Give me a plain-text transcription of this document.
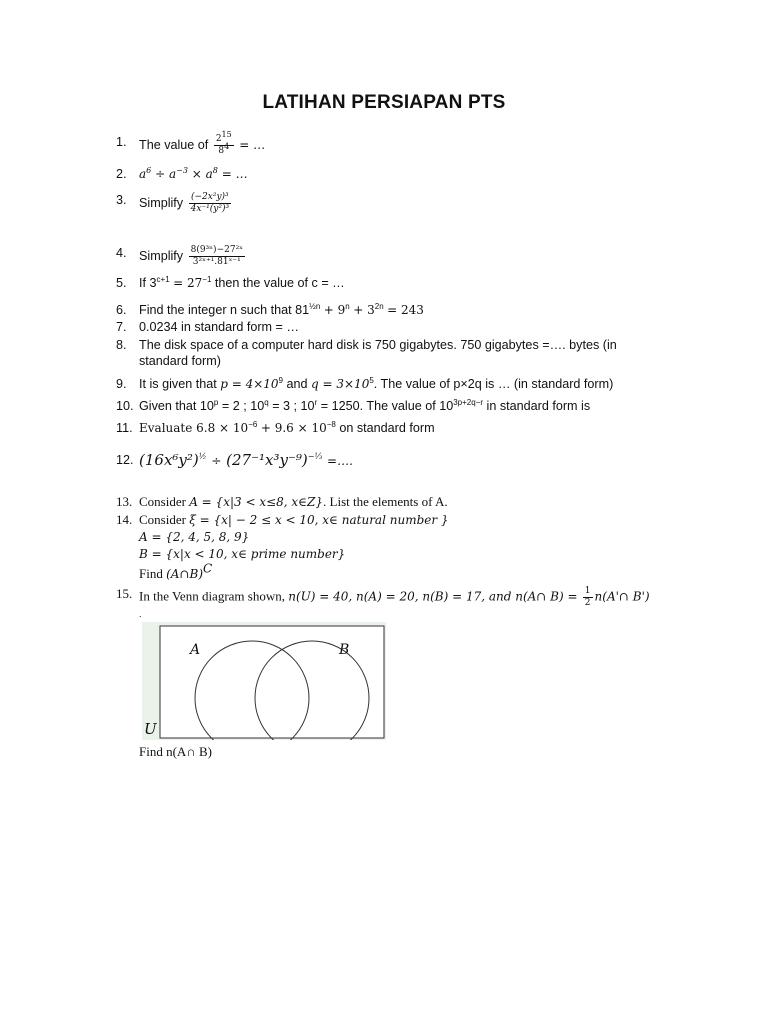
LATIHAN PERSIAPAN PTS
1. The value of $\frac{2^{15}}{8^4}$ = …
2. $a^6 \div a^{-3} \times a^8$ = …
3. Simplify $\frac{\text{(−2x²y)³}}{\text{4x⁻¹(y²)³}}$
4. Simplify $\frac{\text{8(9³ⁿ)−27²ˣ}}{\text{3²ˣ⁺¹.81ˣ⁻¹}}$
5. If $3^{c+1} = 27^{-1}$ then the value of c = …
6. Find the integer n such that $81^{\frac{1}{2}n} + 9^n + 3^{2n} = 243$
7. 0.0234 in standard form = …
8. The disk space of a computer hard disk is 750 gigabytes. 750 gigabytes =…. bytes (in
standard form)
9. It is given that $p = 4\times 10^9$ and $q = 3\times 10^5$. The value of p×2q is … (in standard form)
10. Given that $10^p = 2$ ; $10^q = 3$ ; $10^r = 1250$. The value of $10^{3p+2q-r}$ in standard form is
11. Evaluate $6.8 \times 10^{-6} + 9.6 \times 10^{-8}$ on standard form
12. $(16x^6y^2)^{\frac{1}{2}} \div (27^{-1}x^3y^{-9})^{-\frac{1}{3}}$ =….
13. Consider A = {x|3 < x≤8, x∈Z}. List the elements of A.
14. Consider ξ = {x| − 2 ≤ x < 10, x∈ natural number }
A = {2, 4, 5, 8, 9}
B = {x|x < 10, x∈ prime number}
Find (A∩B)$^C$
15. In the Venn diagram shown, n(U) = 40, n(A) = 20, n(B) = 17, and n(A∩ $B) = \frac{1}{2}$ n(A'∩ B')
.
A	B
U
Find n(A∩ B)
